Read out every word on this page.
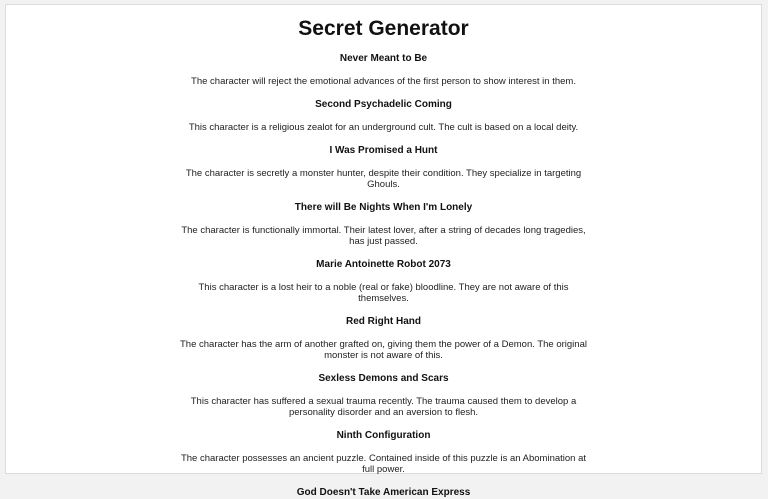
Secret Generator
Never Meant to Be
The character will reject the emotional advances of the first person to show interest in them.
Second Psychadelic Coming
This character is a religious zealot for an underground cult. The cult is based on a local deity.
I Was Promised a Hunt
The character is secretly a monster hunter, despite their condition. They specialize in targeting Ghouls.
There will Be Nights When I'm Lonely
The character is functionally immortal. Their latest lover, after a string of decades long tragedies, has just passed.
Marie Antoinette Robot 2073
This character is a lost heir to a noble (real or fake) bloodline. They are not aware of this themselves.
Red Right Hand
The character has the arm of another grafted on, giving them the power of a Demon. The original monster is not aware of this.
Sexless Demons and Scars
This character has suffered a sexual trauma recently. The trauma caused them to develop a personality disorder and an aversion to flesh.
Ninth Configuration
The character possesses an ancient puzzle. Contained inside of this puzzle is an Abomination at full power.
God Doesn't Take American Express
